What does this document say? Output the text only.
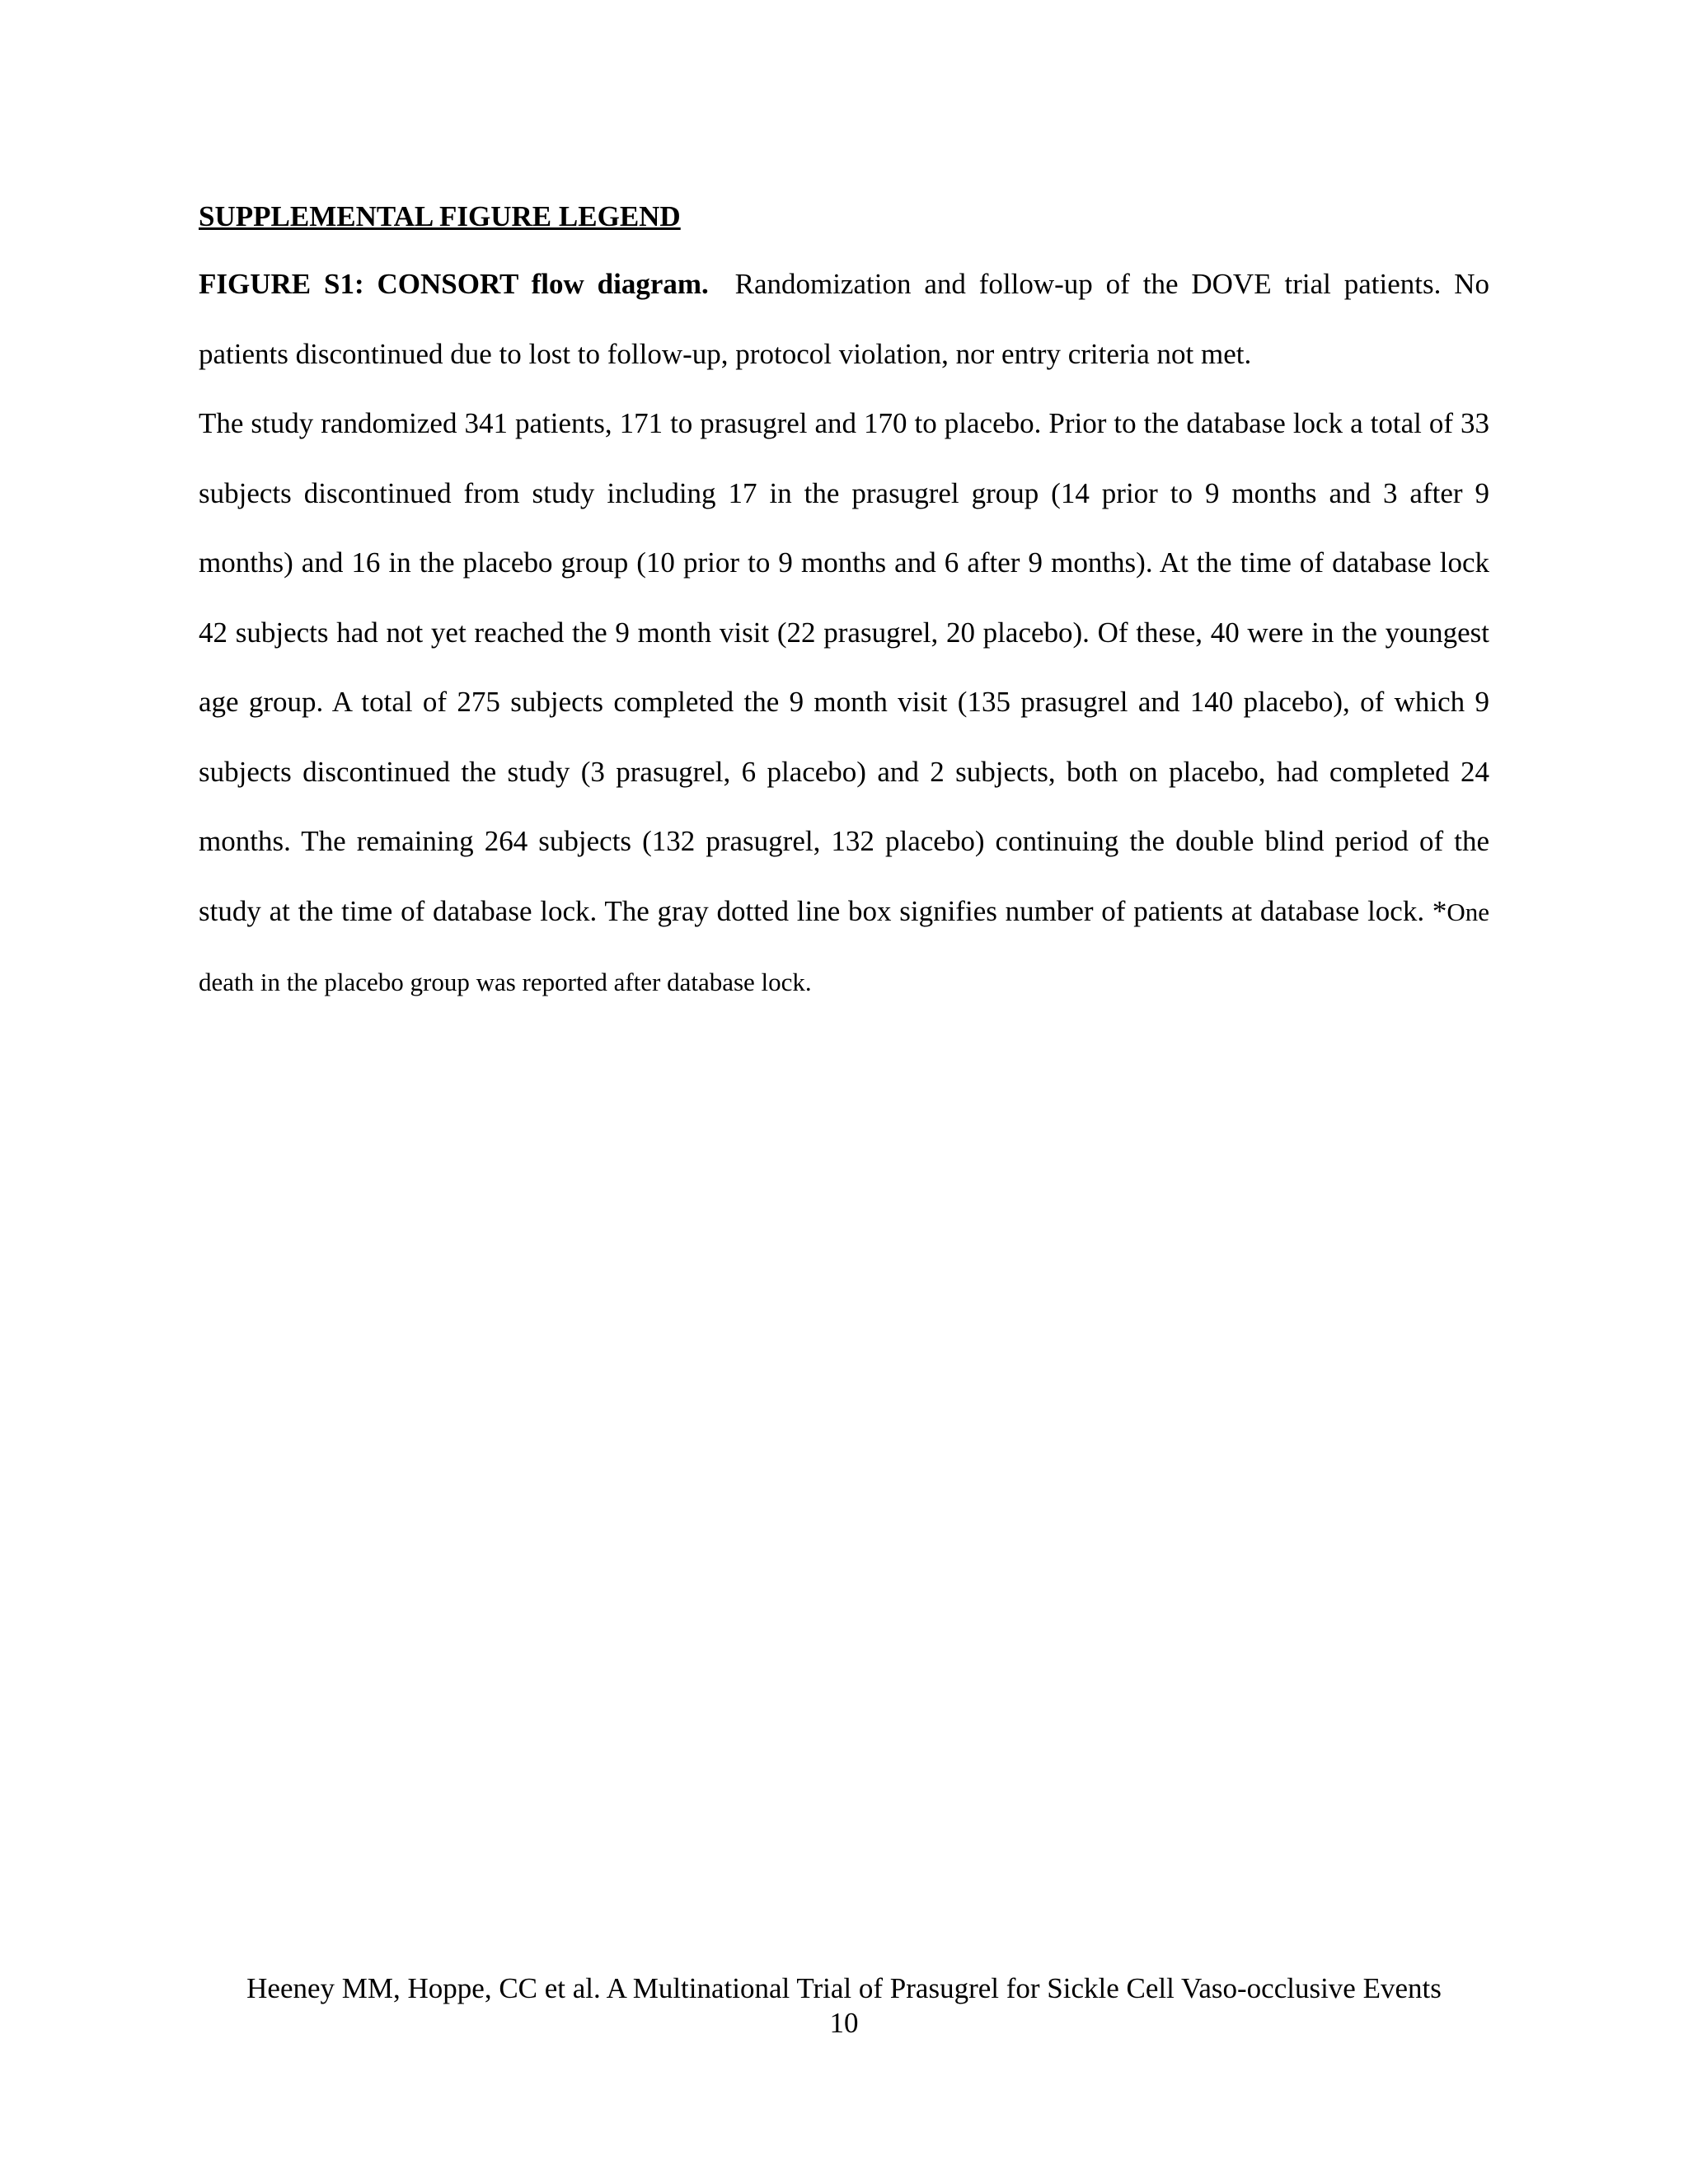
SUPPLEMENTAL FIGURE LEGEND

FIGURE S1: CONSORT flow diagram. Randomization and follow-up of the DOVE trial patients. No patients discontinued due to lost to follow-up, protocol violation, nor entry criteria not met.

The study randomized 341 patients, 171 to prasugrel and 170 to placebo. Prior to the database lock a total of 33 subjects discontinued from study including 17 in the prasugrel group (14 prior to 9 months and 3 after 9 months) and 16 in the placebo group (10 prior to 9 months and 6 after 9 months). At the time of database lock 42 subjects had not yet reached the 9 month visit (22 prasugrel, 20 placebo). Of these, 40 were in the youngest age group. A total of 275 subjects completed the 9 month visit (135 prasugrel and 140 placebo), of which 9 subjects discontinued the study (3 prasugrel, 6 placebo) and 2 subjects, both on placebo, had completed 24 months. The remaining 264 subjects (132 prasugrel, 132 placebo) continuing the double blind period of the study at the time of database lock. The gray dotted line box signifies number of patients at database lock. *One death in the placebo group was reported after database lock.

Heeney MM, Hoppe, CC et al. A Multinational Trial of Prasugrel for Sickle Cell Vaso-occlusive Events
10
